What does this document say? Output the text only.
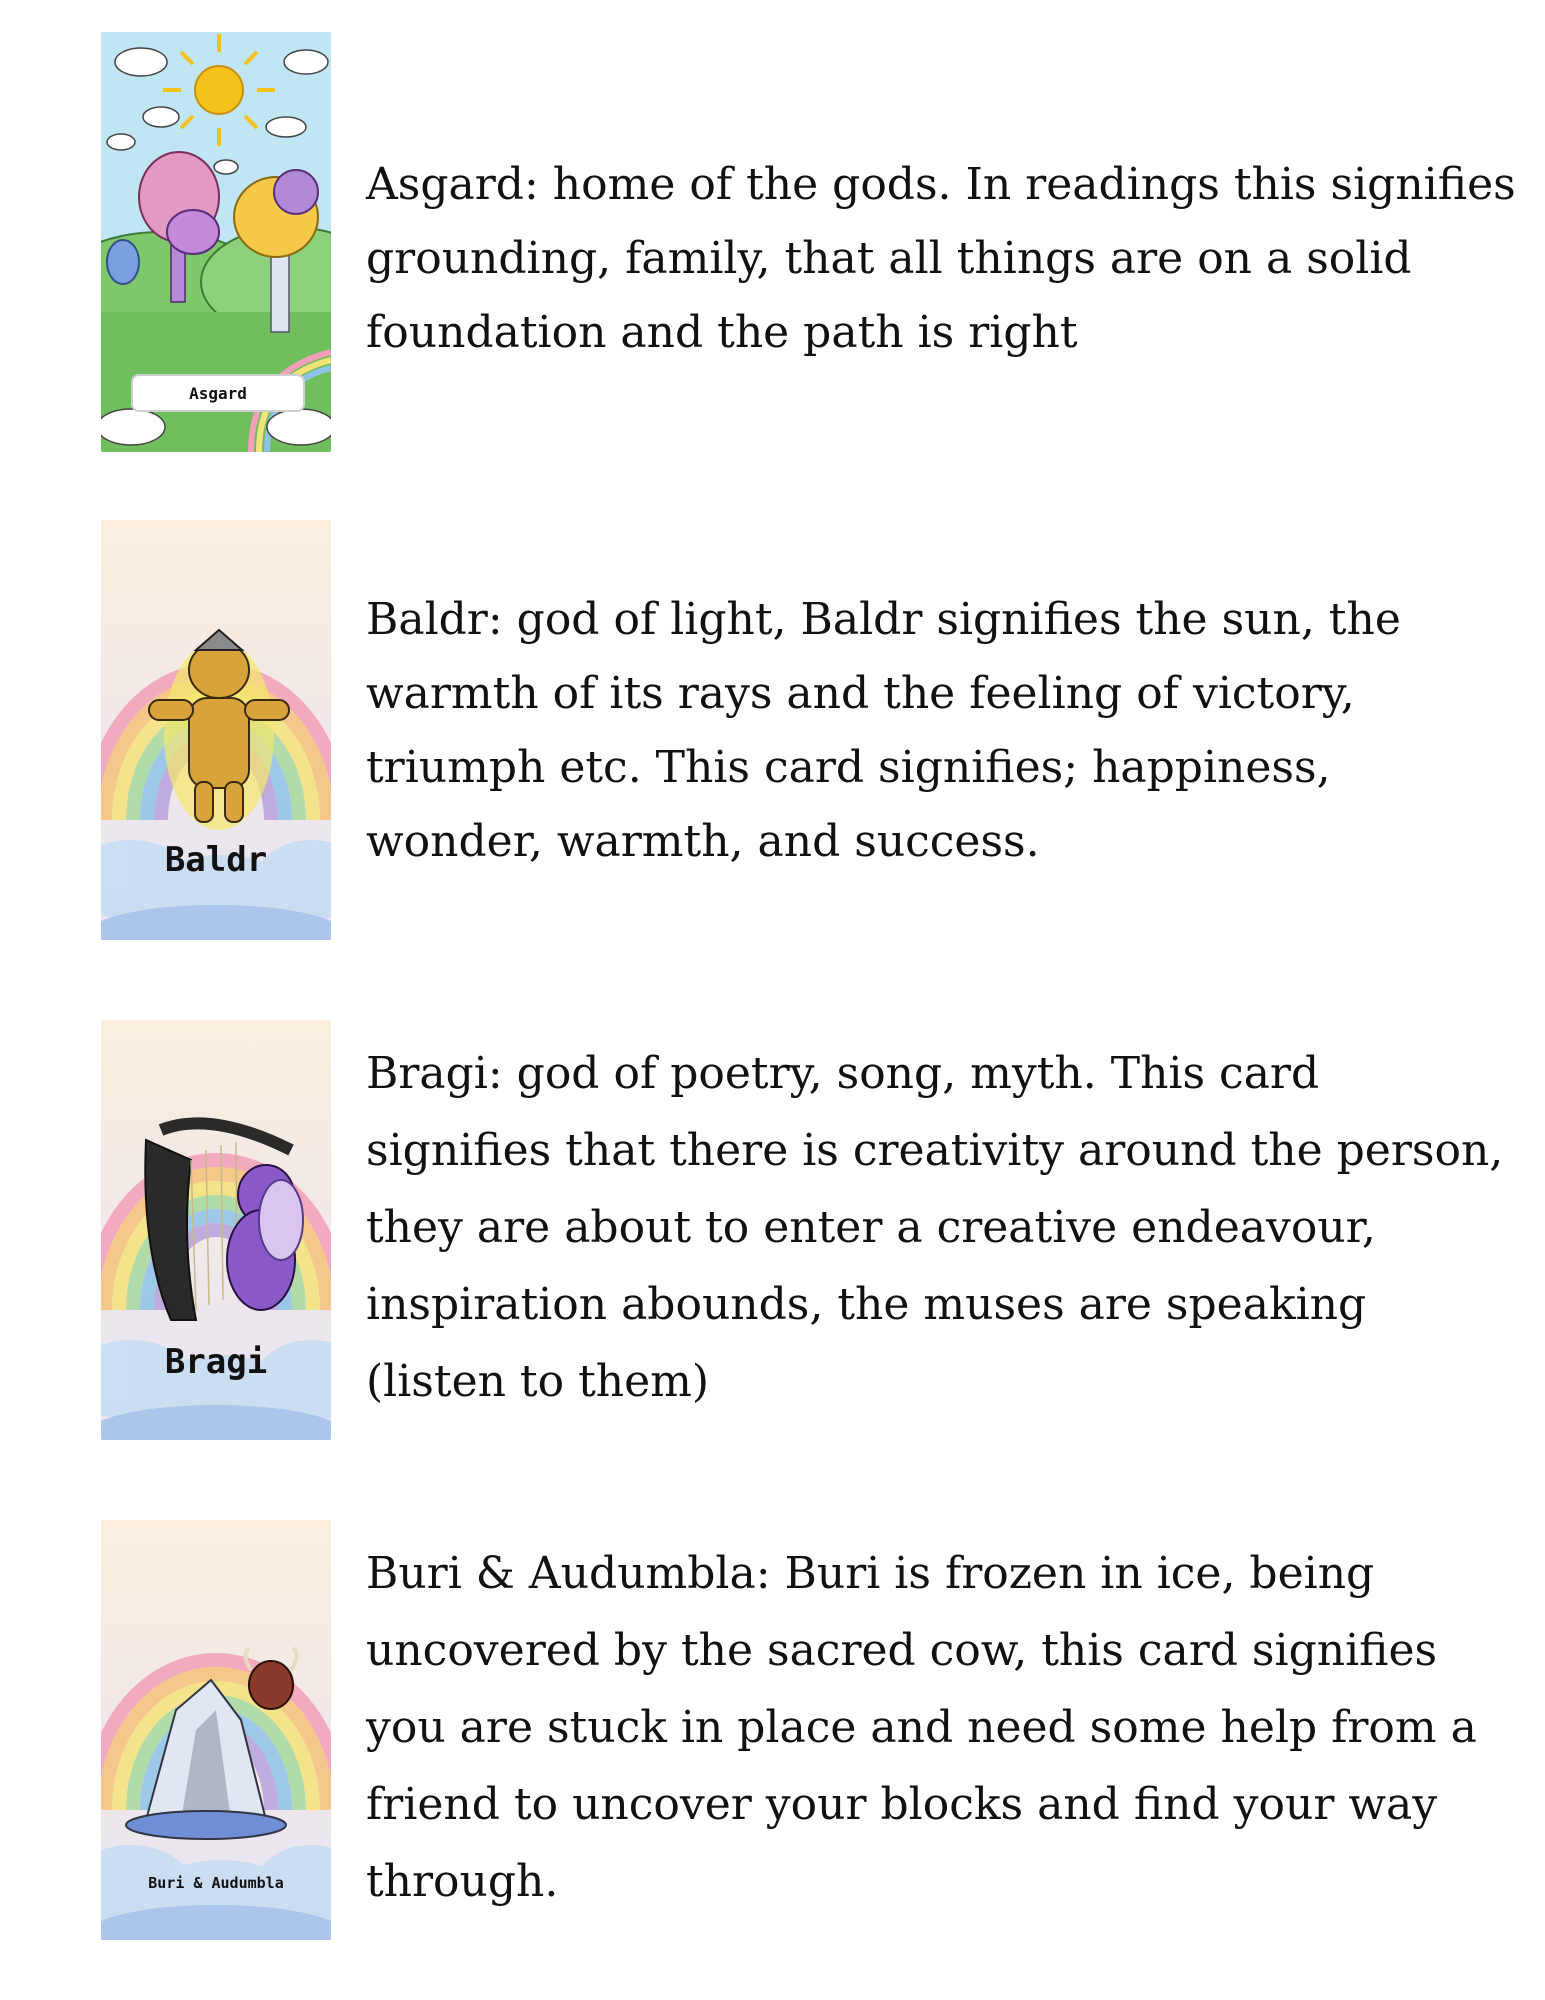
Asgard

Asgard: home of the gods. In readings this signifies grounding, family, that all things are on a solid foundation and the path is right

Baldr

Baldr: god of light, Baldr signifies the sun, the warmth of its rays and the feeling of victory, triumph etc. This card signifies; happiness, wonder, warmth, and success.

Bragi

Bragi: god of poetry, song, myth. This card signifies that there is creativity around the person, they are about to enter a creative endeavour, inspiration abounds, the muses are speaking (listen to them)

Buri & Audumbla

Buri & Audumbla: Buri is frozen in ice, being uncovered by the sacred cow, this card signifies you are stuck in place and need some help from a friend to uncover your blocks and find your way through.
